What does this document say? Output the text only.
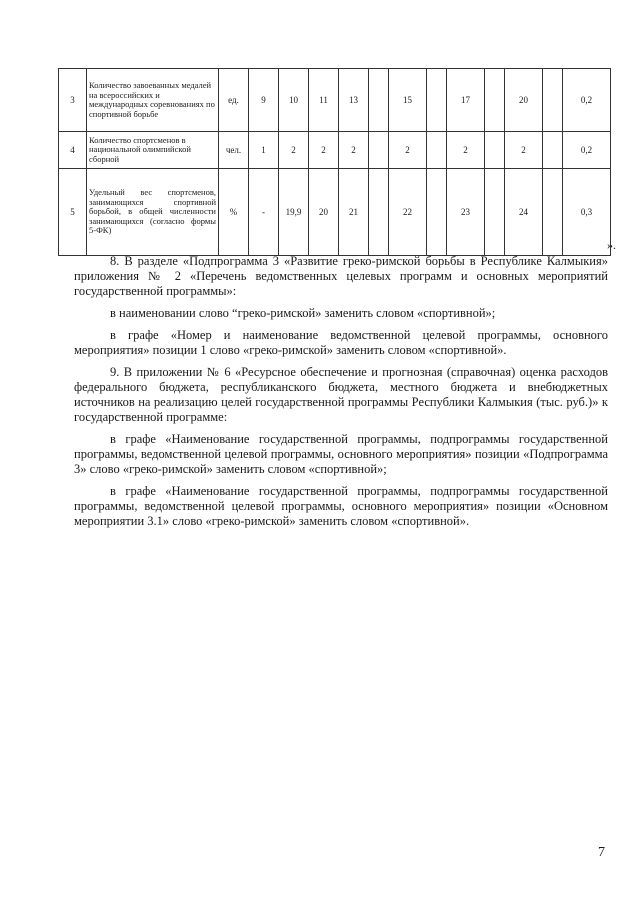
3	Количество завоеванных медалей на всероссийских и международных соревнованиях по спортивной борьбе	ед.	9	10	11	13		15		17		20		0,2
4	Количество спортсменов в национальной олимпийской сборной	чел.	1	2	2	2		2		2		2		0,2
5	Удельный вес спортсменов, занимающихся спортивной борьбой, в общей численности занимающихся (согласно формы 5-ФК)	%	-	19,9	20	21		22		23		24		0,3
».

8. В разделе «Подпрограмма 3 «Развитие греко-римской борьбы в Республике Калмыкия» приложения № 2 «Перечень ведомственных целевых программ и основных мероприятий государственной программы»:

в наименовании слово “греко-римской» заменить словом «спортивной»;

в графе «Номер и наименование ведомственной целевой программы, основного мероприятия» позиции 1 слово «греко-римской» заменить словом «спортивной».

9. В приложении № 6 «Ресурсное обеспечение и прогнозная (справочная) оценка расходов федерального бюджета, республиканского бюджета, местного бюджета и внебюджетных источников на реализацию целей государственной программы Республики Калмыкия (тыс. руб.)» к государственной программе:

в графе «Наименование государственной программы, подпрограммы государственной программы, ведомственной целевой программы, основного мероприятия» позиции «Подпрограмма 3» слово «греко-римской» заменить словом «спортивной»;

в графе «Наименование государственной программы, подпрограммы государственной программы, ведомственной целевой программы, основного мероприятия» позиции «Основном мероприятии 3.1» слово «греко-римской» заменить словом «спортивной».

7
